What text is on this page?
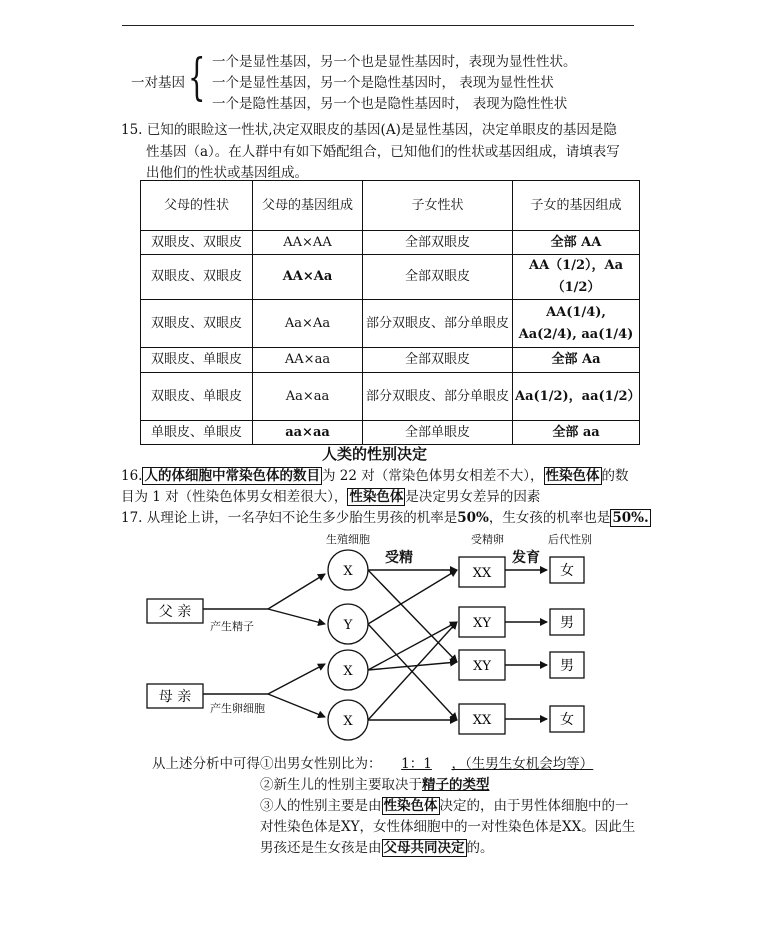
一对基因 { 一个是显性基因，另一个也是显性基因时，表现为显性性状。
一个是显性基因，另一个是隐性基因时， 表现为显性性状
一个是隐性基因，另一个也是隐性基因时， 表现为隐性性状
15. 已知的眼睑这一性状,决定双眼皮的基因(A)是显性基因，决定单眼皮的基因是隐
性基因（a）。在人群中有如下婚配组合，已知他们的性状或基因组成，请填表写
出他们的性状或基因组成。
父母的性状	父母的基因组成	子女性状	子女的基因组成
双眼皮、双眼皮	AA×AA	全部双眼皮	全部 AA
双眼皮、双眼皮	AA×Aa	全部双眼皮	AA（1/2），Aa（1/2）
双眼皮、双眼皮	Aa×Aa	部分双眼皮、部分单眼皮	AA(1/4), Aa(2/4), aa(1/4)
双眼皮、单眼皮	AA×aa	全部双眼皮	全部 Aa
双眼皮、单眼皮	Aa×aa	部分双眼皮、部分单眼皮	Aa(1/2)，aa(1/2）
单眼皮、单眼皮	aa×aa	全部单眼皮	全部 aa
人类的性别决定
16. 人的体细胞中常染色体的数目 为 22 对（常染色体男女相差不大）， 性染色体 的数
目为 1 对（性染色体男女相差很大）， 性染色体 是决定男女差异的因素
17. 从理论上讲，一名孕妇不论生多少胎生男孩的机率是50%，生女孩的机率也是 50%.
生殖细胞	受精卵	后代性别
产生精子
产生卵细胞
受精	发育
父 亲
母 亲
X
Y
X
X
XX
XY
XY
XX
女
男
男
女
从上述分析中可得①出男女性别比为： 1：1 ，（生男生女机会均等）
②新生儿的性别主要取决于精子的类型
③人的性别主要是由 性染色体 决定的，由于男性体细胞中的一
对性染色体是XY，女性体细胞中的一对性染色体是XX。因此生
男孩还是生女孩是由 父母共同决定 的。
